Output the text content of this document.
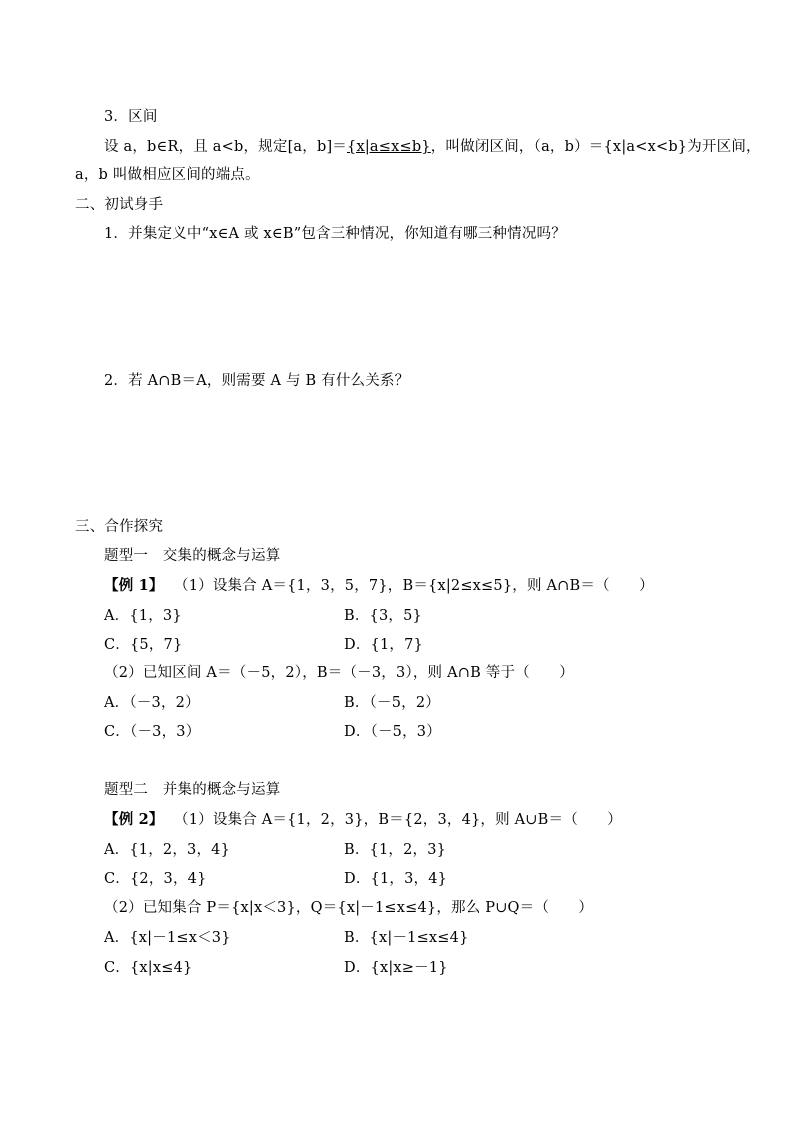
3．区间
设 a，b∈R，且 a<b，规定[a，b]＝{x|a≤x≤b}，叫做闭区间，（a，b）＝{x|a<x<b}为开区间，
a，b 叫做相应区间的端点。
二、初试身手
1．并集定义中“x∈A 或 x∈B”包含三种情况，你知道有哪三种情况吗？
2．若 A∩B＝A，则需要 A 与 B 有什么关系？
三、合作探究
题型一　交集的概念与运算
【例 1】 （1）设集合 A＝{1，3，5，7}，B＝{x|2≤x≤5}，则 A∩B＝（　　）
A．{1，3}	B．{3，5}
C．{5，7}	D．{1，7}
（2）已知区间 A＝（－5，2），B＝（－3，3），则 A∩B 等于（　　）
A．（－3，2）	B．（－5，2）
C．（－3，3）	D．（－5，3）
题型二　并集的概念与运算
【例 2】 （1）设集合 A＝{1，2，3}，B＝{2，3，4}，则 A∪B＝（　　）
A．{1，2，3，4}	B．{1，2，3}
C．{2，3，4}	D．{1，3，4}
（2）已知集合 P＝{x|x＜3}，Q＝{x|－1≤x≤4}，那么 P∪Q＝（　　）
A．{x|－1≤x＜3}	B．{x|－1≤x≤4}
C．{x|x≤4}	D．{x|x≥－1}
